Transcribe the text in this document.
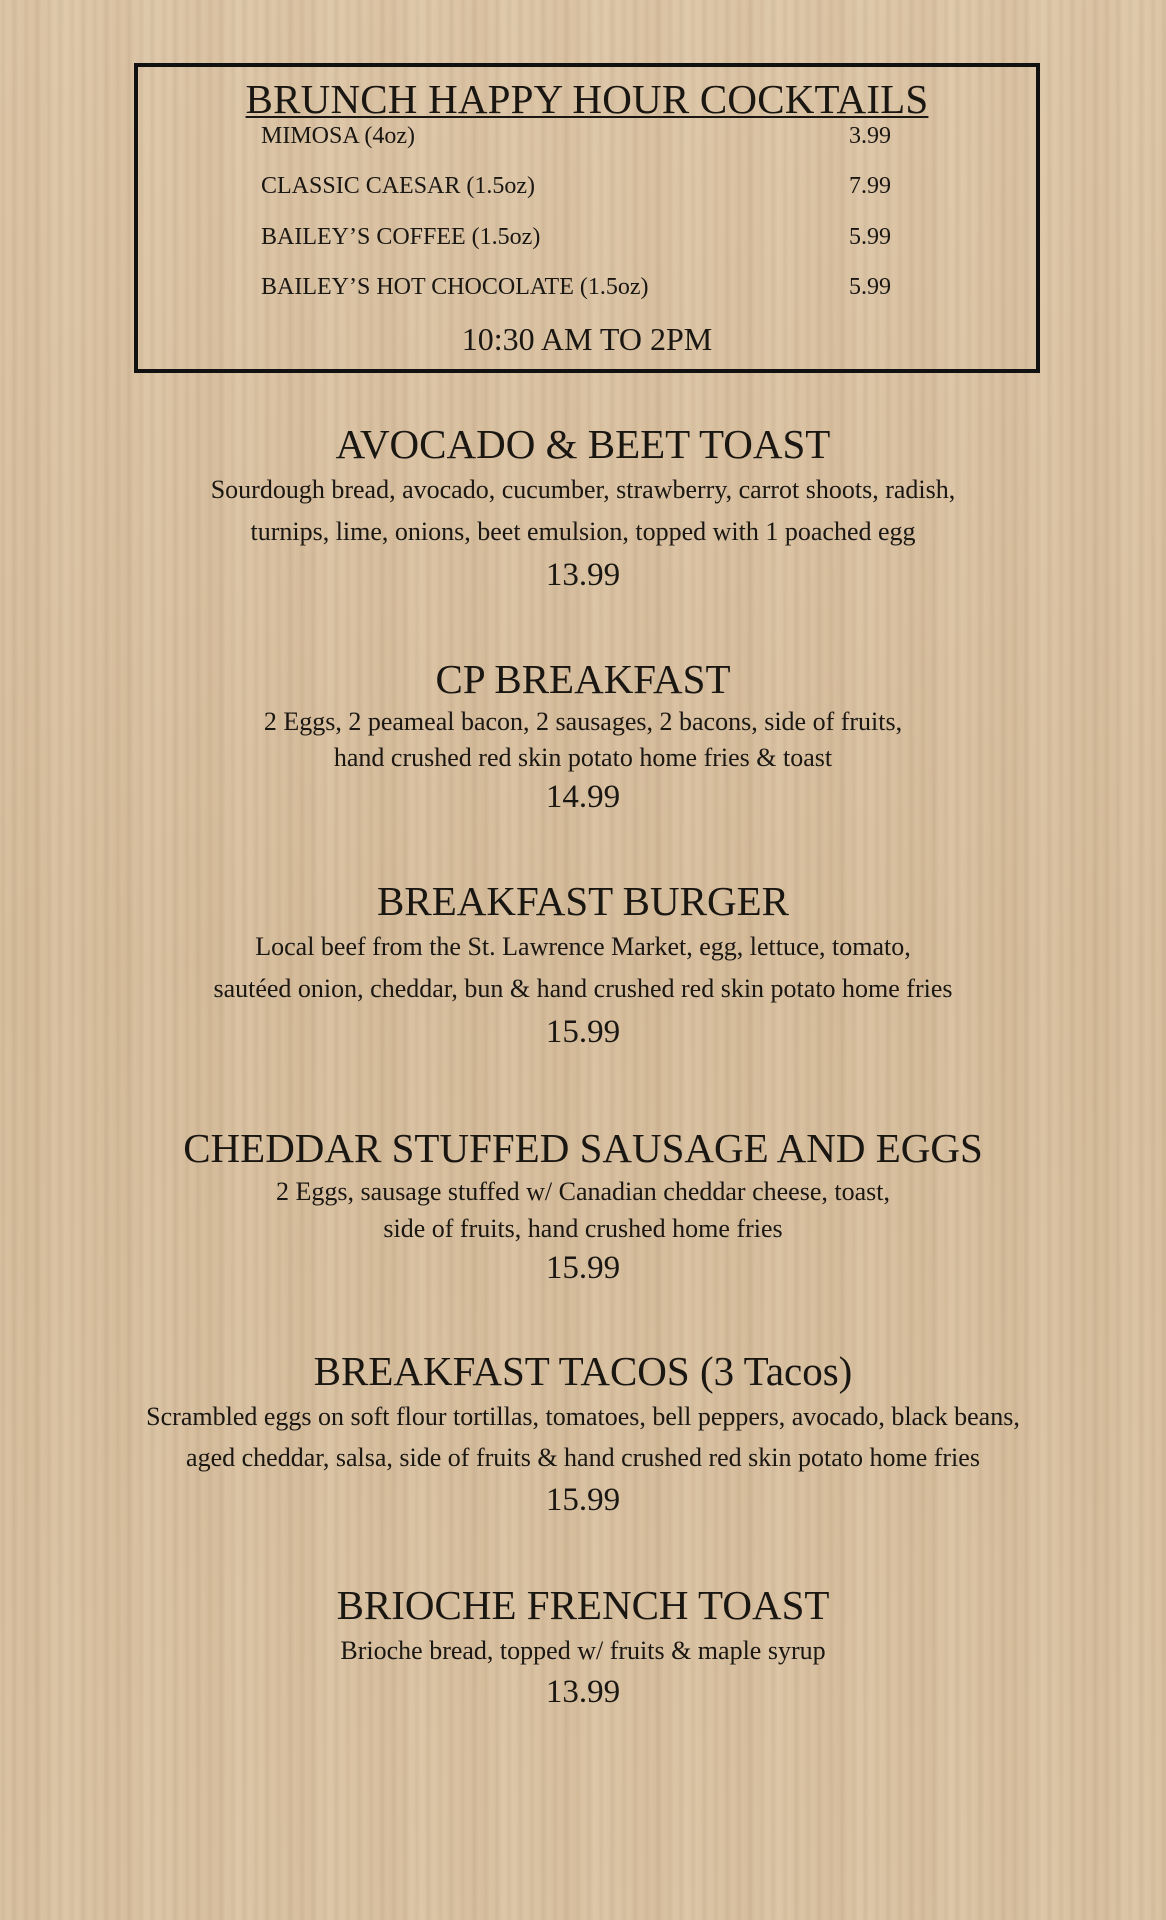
BRUNCH HAPPY HOUR COCKTAILS
MIMOSA (4oz)	3.99
CLASSIC CAESAR (1.5oz)	7.99
BAILEY’S COFFEE (1.5oz)	5.99
BAILEY’S HOT CHOCOLATE (1.5oz)	5.99
10:30 AM TO 2PM
AVOCADO & BEET TOAST
Sourdough bread, avocado, cucumber, strawberry, carrot shoots, radish,
turnips, lime, onions, beet emulsion, topped with 1 poached egg
13.99
CP BREAKFAST
2 Eggs, 2 peameal bacon, 2 sausages, 2 bacons, side of fruits,
hand crushed red skin potato home fries & toast
14.99
BREAKFAST BURGER
Local beef from the St. Lawrence Market, egg, lettuce, tomato,
sautéed onion, cheddar, bun & hand crushed red skin potato home fries
15.99
CHEDDAR STUFFED SAUSAGE AND EGGS
2 Eggs, sausage stuffed w/ Canadian cheddar cheese, toast,
side of fruits, hand crushed home fries
15.99
BREAKFAST TACOS (3 Tacos)
Scrambled eggs on soft flour tortillas, tomatoes, bell peppers, avocado, black beans,
aged cheddar, salsa, side of fruits & hand crushed red skin potato home fries
15.99
BRIOCHE FRENCH TOAST
Brioche bread, topped w/ fruits & maple syrup
13.99
